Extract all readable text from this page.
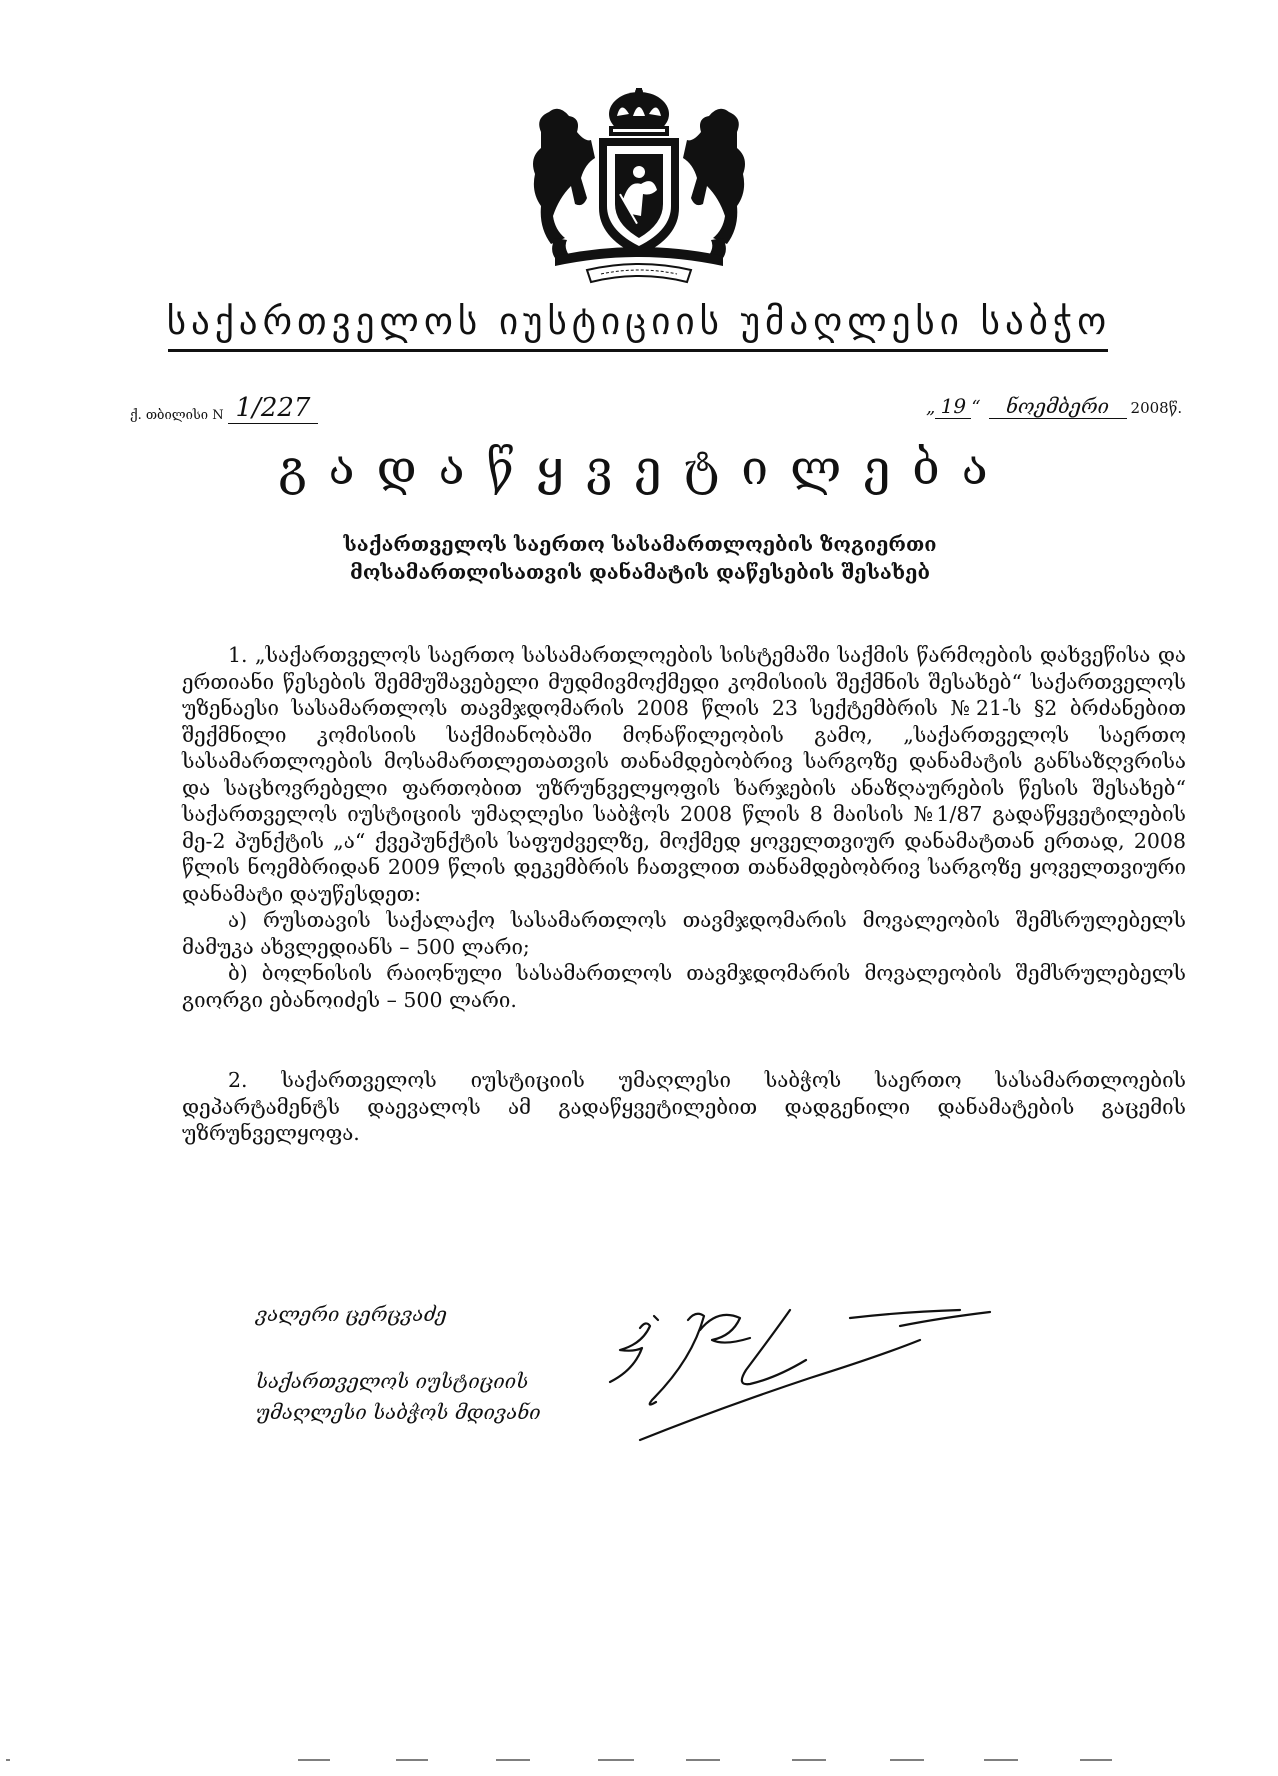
საქართველოს იუსტიციის უმაღლესი საბჭო
ქ. თბილისი N 1/227	„ 19 “ ნოემბერი 2008წ.
გადაწყვეტილება
საქართველოს საერთო სასამართლოების ზოგიერთი
მოსამართლისათვის დანამატის დაწესების შესახებ

1. „საქართველოს საერთო სასამართლოების სისტემაში საქმის წარმოების დახვეწისა და ერთიანი წესების შემმუშავებელი მუდმივმოქმედი კომისიის შექმნის შესახებ“ საქართველოს უზენაესი სასამართლოს თავმჯდომარის 2008 წლის 23 სექტემბრის №21-ს §2 ბრძანებით შექმნილი კომისიის საქმიანობაში მონაწილეობის გამო, „საქართველოს საერთო სასამართლოების მოსამართლეთათვის თანამდებობრივ სარგოზე დანამატის განსაზღვრისა და საცხოვრებელი ფართობით უზრუნველყოფის ხარჯების ანაზღაურების წესის შესახებ“ საქართველოს იუსტიციის უმაღლესი საბჭოს 2008 წლის 8 მაისის №1/87 გადაწყვეტილების მე-2 პუნქტის „ა“ ქვეპუნქტის საფუძველზე, მოქმედ ყოველთვიურ დანამატთან ერთად, 2008 წლის ნოემბრიდან 2009 წლის დეკემბრის ჩათვლით თანამდებობრივ სარგოზე ყოველთვიური დანამატი დაუწესდეთ:

ა) რუსთავის საქალაქო სასამართლოს თავმჯდომარის მოვალეობის შემსრულებელს მამუკა ახვლედიანს – 500 ლარი;

ბ) ბოლნისის რაიონული სასამართლოს თავმჯდომარის მოვალეობის შემსრულებელს გიორგი ებანოიძეს – 500 ლარი.

2. საქართველოს იუსტიციის უმაღლესი საბჭოს საერთო სასამართლოების დეპარტამენტს დაევალოს ამ გადაწყვეტილებით დადგენილი დანამატების გაცემის უზრუნველყოფა.

ვალერი ცერცვაძე
საქართველოს იუსტიციის
უმაღლესი საბჭოს მდივანი
